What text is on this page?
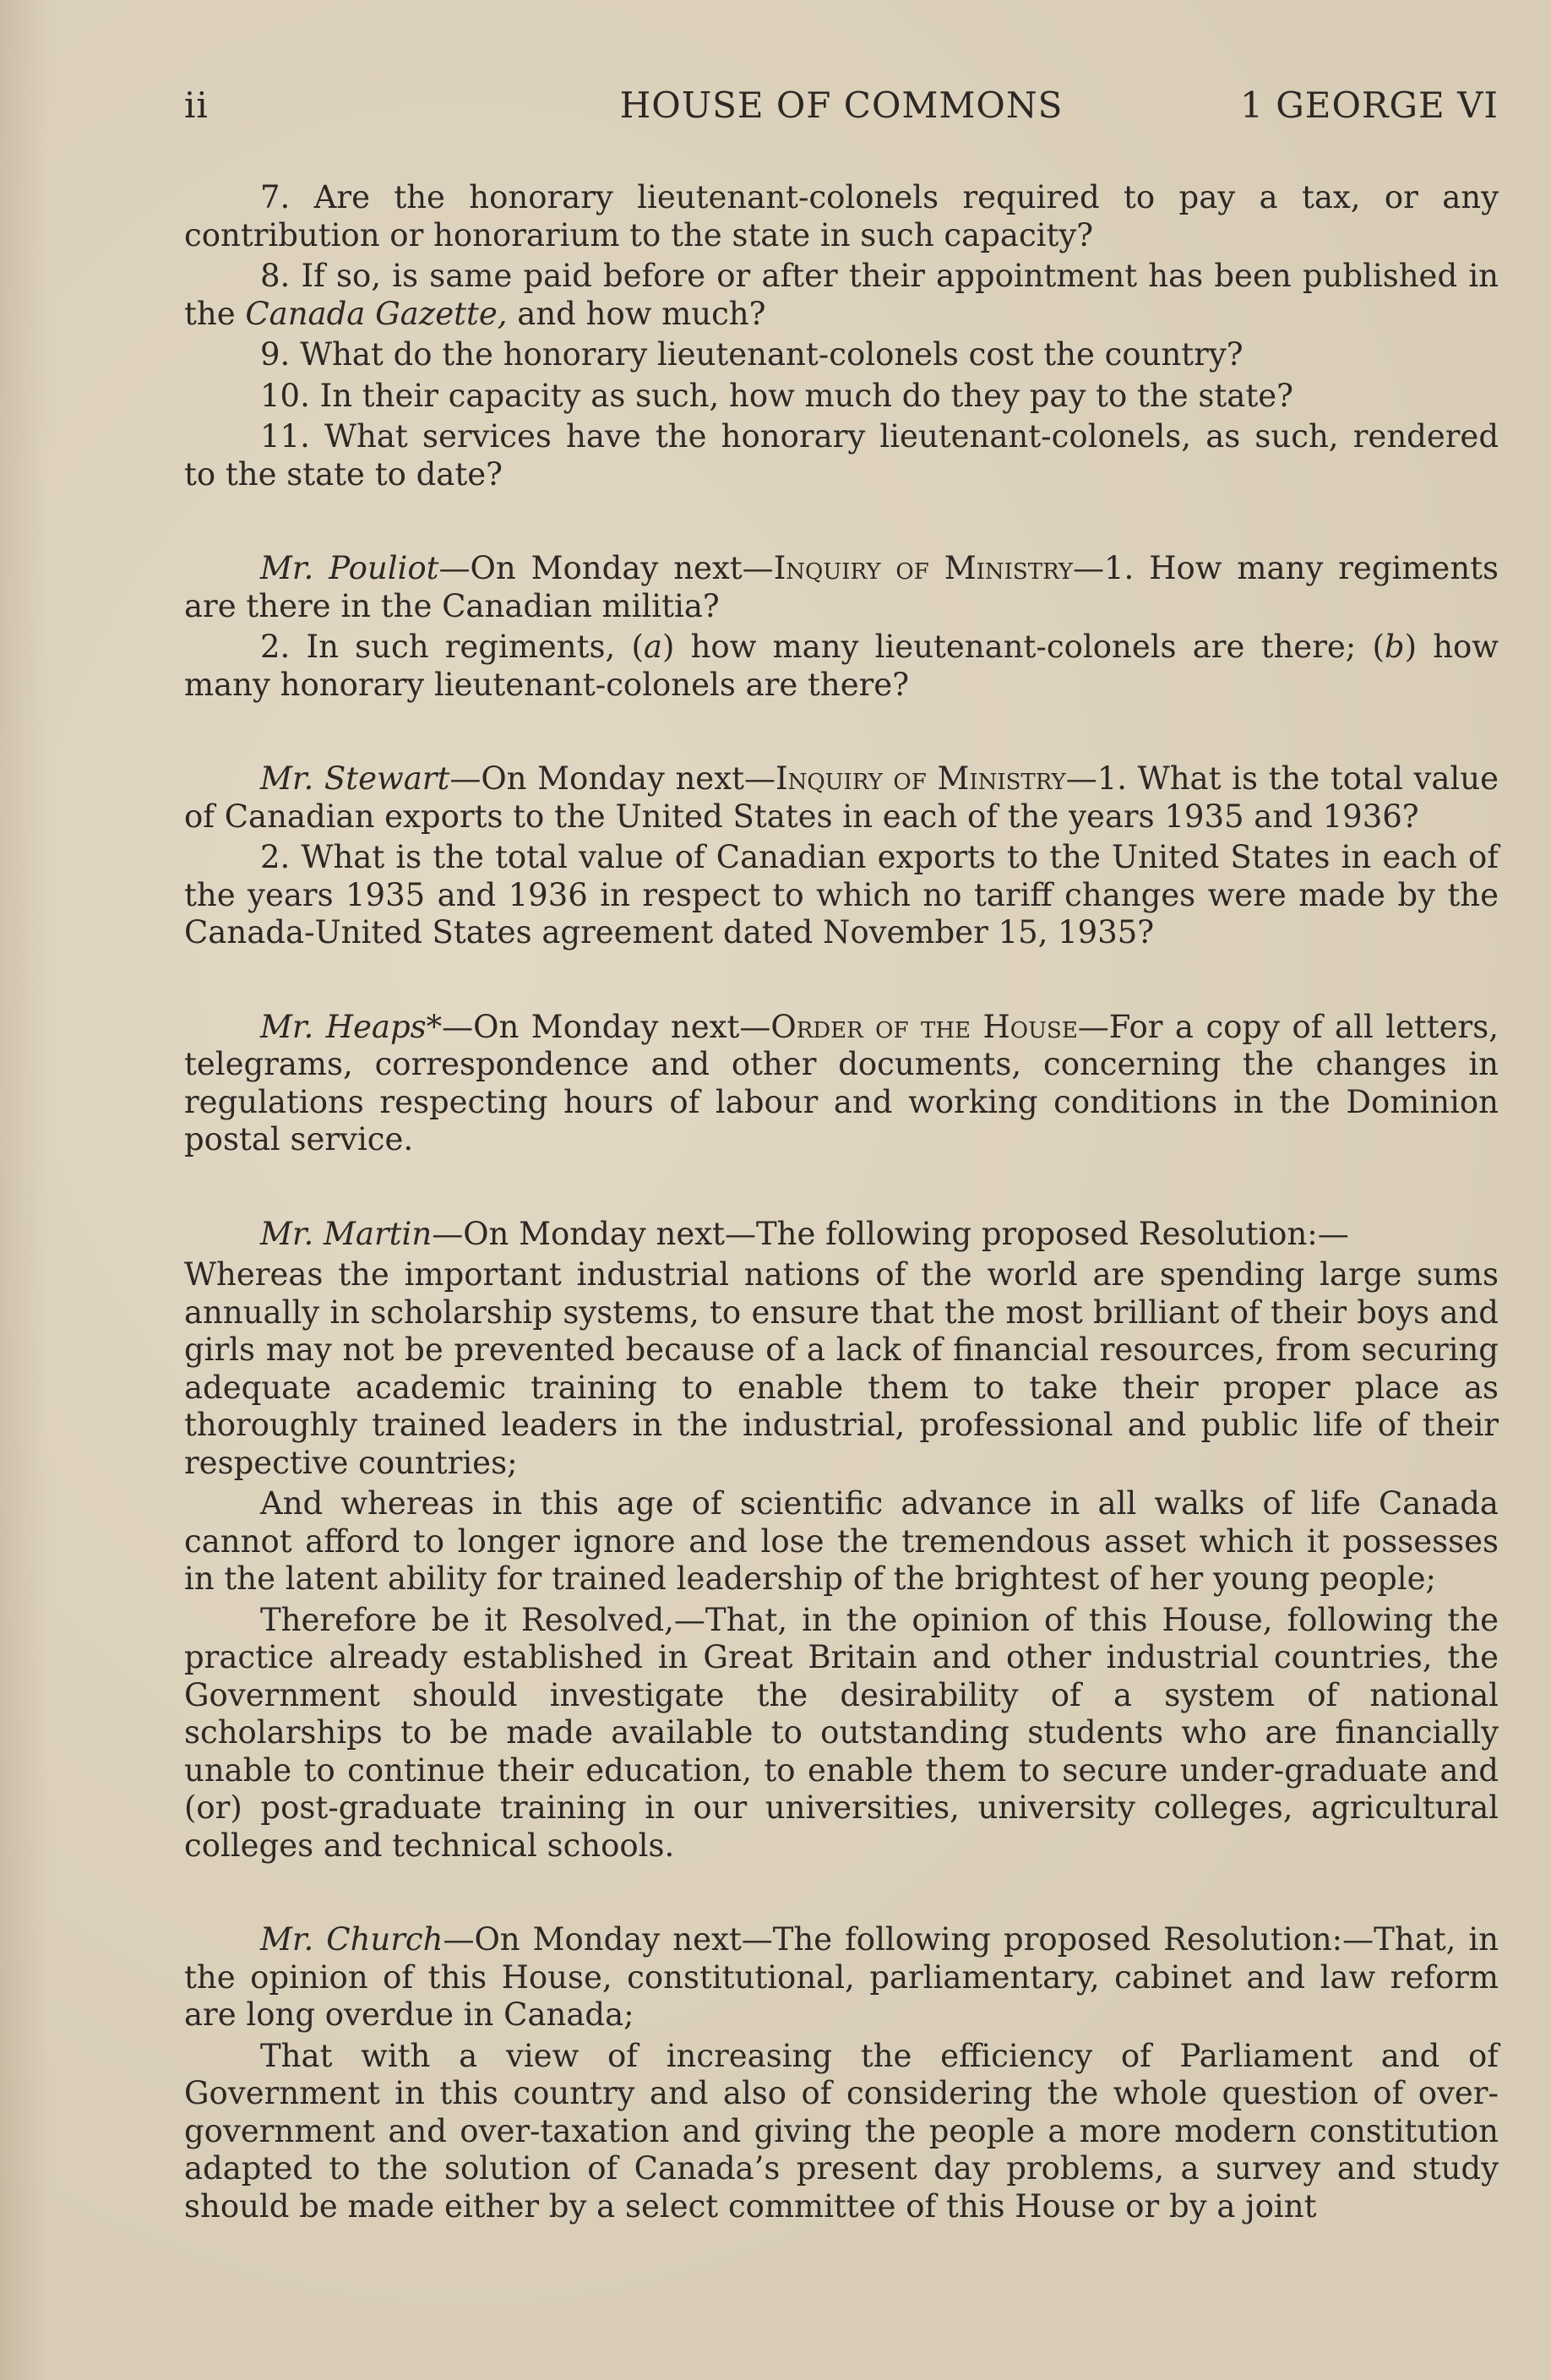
ii	HOUSE OF COMMONS	1 GEORGE VI

7. Are the honorary lieutenant-colonels required to pay a tax, or any contribution or honorarium to the state in such capacity?

8. If so, is same paid before or after their appointment has been published in the Canada Gazette, and how much?

9. What do the honorary lieutenant-colonels cost the country?

10. In their capacity as such, how much do they pay to the state?

11. What services have the honorary lieutenant-colonels, as such, rendered to the state to date?

Mr. Pouliot—On Monday next—Inquiry of Ministry—1. How many regiments are there in the Canadian militia?

2. In such regiments, (a) how many lieutenant-colonels are there; (b) how many honorary lieutenant-colonels are there?

Mr. Stewart—On Monday next—Inquiry of Ministry—1. What is the total value of Canadian exports to the United States in each of the years 1935 and 1936?

2. What is the total value of Canadian exports to the United States in each of the years 1935 and 1936 in respect to which no tariff changes were made by the Canada-United States agreement dated November 15, 1935?

Mr. Heaps*—On Monday next—Order of the House—For a copy of all letters, telegrams, correspondence and other documents, concerning the changes in regulations respecting hours of labour and working conditions in the Dominion postal service.

Mr. Martin—On Monday next—The following proposed Resolution:—

Whereas the important industrial nations of the world are spending large sums annually in scholarship systems, to ensure that the most brilliant of their boys and girls may not be prevented because of a lack of financial resources, from securing adequate academic training to enable them to take their proper place as thoroughly trained leaders in the industrial, professional and public life of their respective countries;

And whereas in this age of scientific advance in all walks of life Canada cannot afford to longer ignore and lose the tremendous asset which it possesses in the latent ability for trained leadership of the brightest of her young people;

Therefore be it Resolved,—That, in the opinion of this House, following the practice already established in Great Britain and other industrial countries, the Government should investigate the desirability of a system of national scholarships to be made available to outstanding students who are financially unable to continue their education, to enable them to secure under-graduate and (or) post-graduate training in our universities, university colleges, agricultural colleges and technical schools.

Mr. Church—On Monday next—The following proposed Resolution:—That, in the opinion of this House, constitutional, parliamentary, cabinet and law reform are long overdue in Canada;

That with a view of increasing the efficiency of Parliament and of Government in this country and also of considering the whole question of over-government and over-taxation and giving the people a more modern constitution adapted to the solution of Canada’s present day problems, a survey and study should be made either by a select committee of this House or by a joint
